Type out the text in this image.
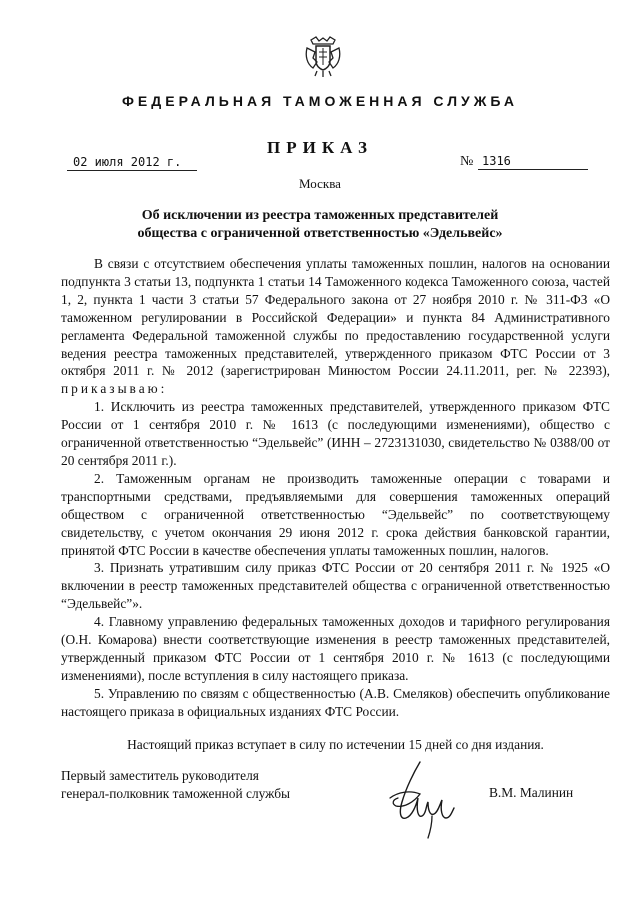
ФЕДЕРАЛЬНАЯ ТАМОЖЕННАЯ СЛУЖБА
ПРИКАЗ
02 июля 2012 г.	№ 1316
Москва
Об исключении из реестра таможенных представителей
общества с ограниченной ответственностью «Эдельвейс»

В связи с отсутствием обеспечения уплаты таможенных пошлин, налогов на основании подпункта 3 статьи 13, подпункта 1 статьи 14 Таможенного кодекса Таможенного союза, частей 1, 2, пункта 1 части 3 статьи 57 Федерального закона от 27 ноября 2010 г. № 311-ФЗ «О таможенном регулировании в Российской Федерации» и пункта 84 Административного регламента Федеральной таможенной службы по предоставлению государственной услуги ведения реестра таможенных представителей, утвержденного приказом ФТС России от 3 октября 2011 г. № 2012 (зарегистрирован Минюстом России 24.11.2011, рег. № 22393), приказываю:

1. Исключить из реестра таможенных представителей, утвержденного приказом ФТС России от 1 сентября 2010 г. № 1613 (с последующими изменениями), общество с ограниченной ответственностью “Эдельвейс” (ИНН – 2723131030, свидетельство № 0388/00 от 20 сентября 2011 г.).

2. Таможенным органам не производить таможенные операции с товарами и транспортными средствами, предъявляемыми для совершения таможенных операций обществом с ограниченной ответственностью “Эдельвейс” по соответствующему свидетельству, с учетом окончания 29 июня 2012 г. срока действия банковской гарантии, принятой ФТС России в качестве обеспечения уплаты таможенных пошлин, налогов.

3. Признать утратившим силу приказ ФТС России от 20 сентября 2011 г. № 1925 «О включении в реестр таможенных представителей общества с ограниченной ответственностью “Эдельвейс”».

4. Главному управлению федеральных таможенных доходов и тарифного регулирования (О.Н. Комарова) внести соответствующие изменения в реестр таможенных представителей, утвержденный приказом ФТС России от 1 сентября 2010 г. № 1613 (с последующими изменениями), после вступления в силу настоящего приказа.

5. Управлению по связям с общественностью (А.В. Смеляков) обеспечить опубликование настоящего приказа в официальных изданиях ФТС России.

Настоящий приказ вступает в силу по истечении 15 дней со дня издания.
Первый заместитель руководителя
генерал-полковник таможенной службы	В.М. Малинин
